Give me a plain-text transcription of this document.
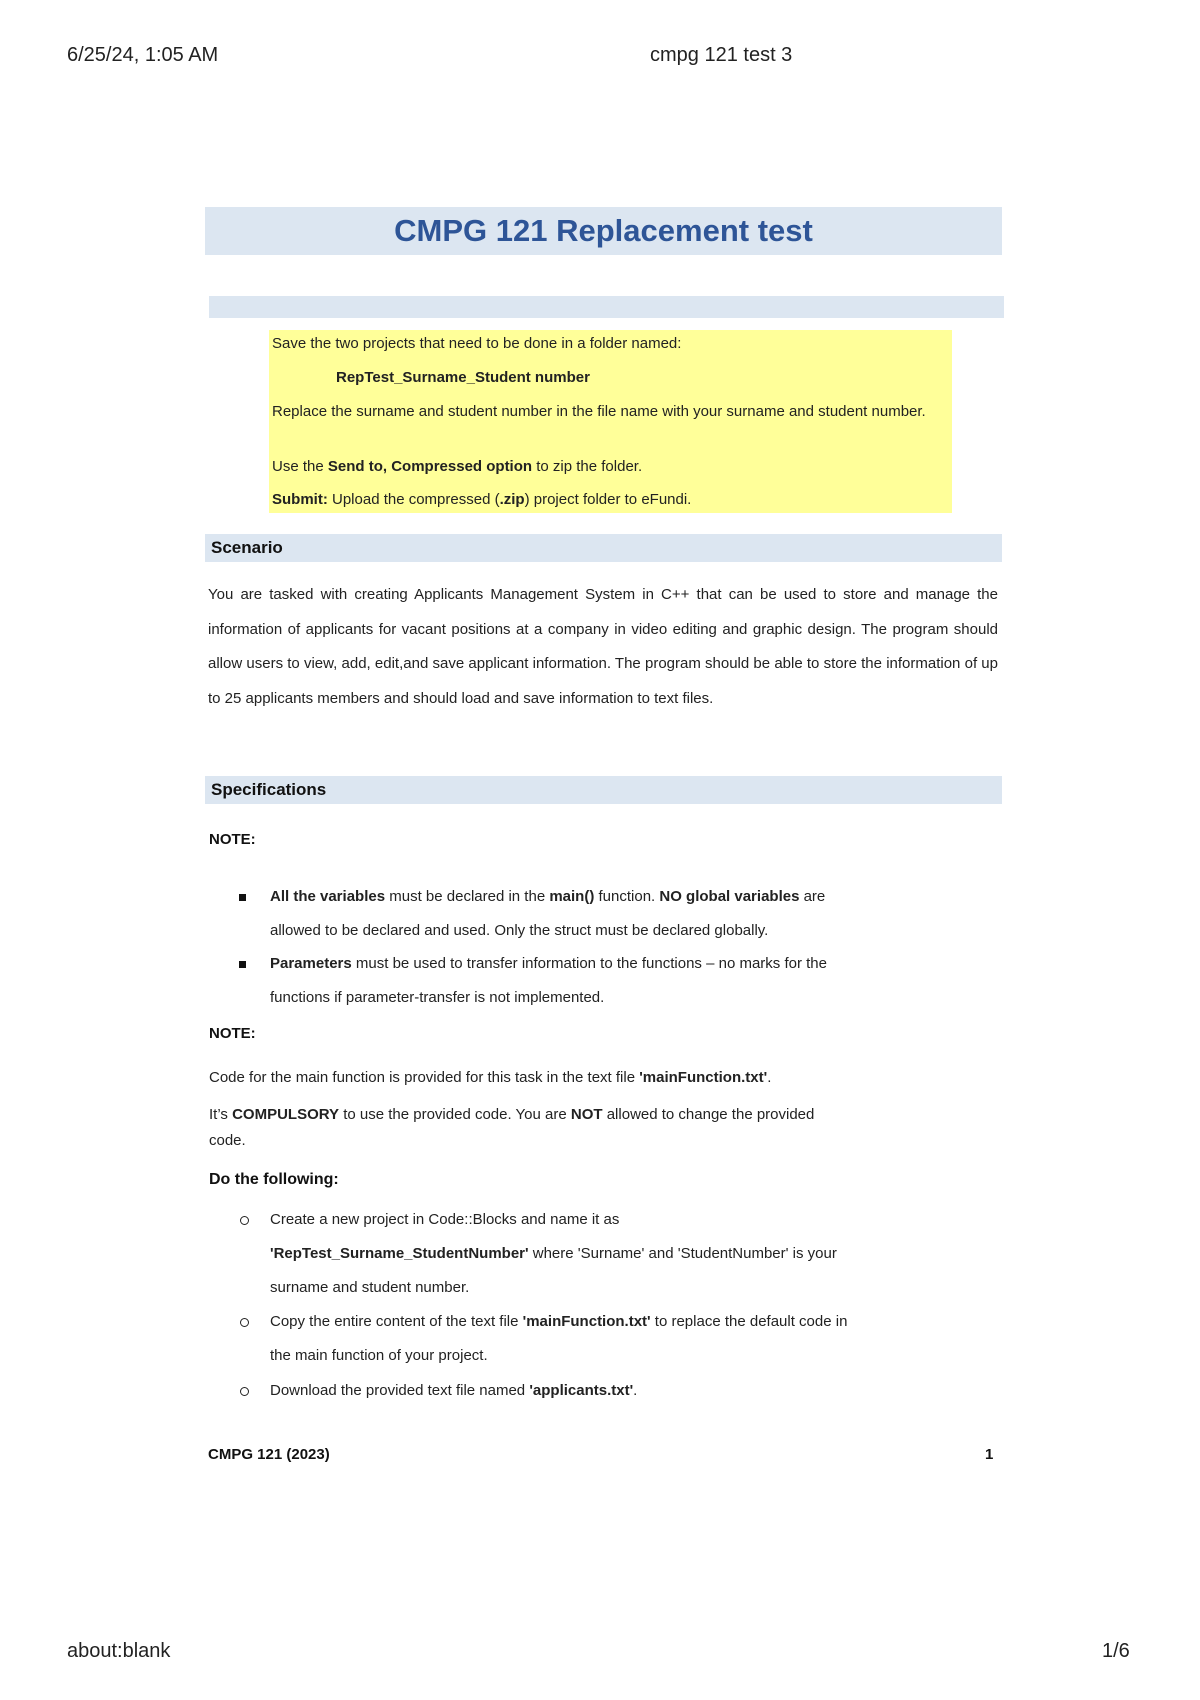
6/25/24, 1:05 AM	cmpg 121 test 3
CMPG 121 Replacement test

Save the two projects that need to be done in a folder named:

RepTest_Surname_Student number

Replace the surname and student number in the file name with your surname and student number.

Use the Send to, Compressed option to zip the folder.

Submit: Upload the compressed (.zip) project folder to eFundi.

Scenario
You are tasked with creating Applicants Management System in C++ that can be used to store and manage the information of applicants for vacant positions at a company in video editing and graphic design. The program should allow users to view, add, edit,and save applicant information. The program should be able to store the information of up to 25 applicants members and should load and save information to text files.
Specifications
NOTE:
All the variables must be declared in the main() function. NO global variables are
allowed to be declared and used. Only the struct must be declared globally.
Parameters must be used to transfer information to the functions – no marks for the
functions if parameter-transfer is not implemented.
NOTE:
Code for the main function is provided for this task in the text file 'mainFunction.txt'.
It’s COMPULSORY to use the provided code. You are NOT allowed to change the provided
code.
Do the following:
Create a new project in Code::Blocks and name it as
'RepTest_Surname_StudentNumber' where 'Surname' and 'StudentNumber' is your
surname and student number.
Copy the entire content of the text file 'mainFunction.txt' to replace the default code in
the main function of your project.
Download the provided text file named 'applicants.txt'.
CMPG 121 (2023)	1
about:blank	1/6
